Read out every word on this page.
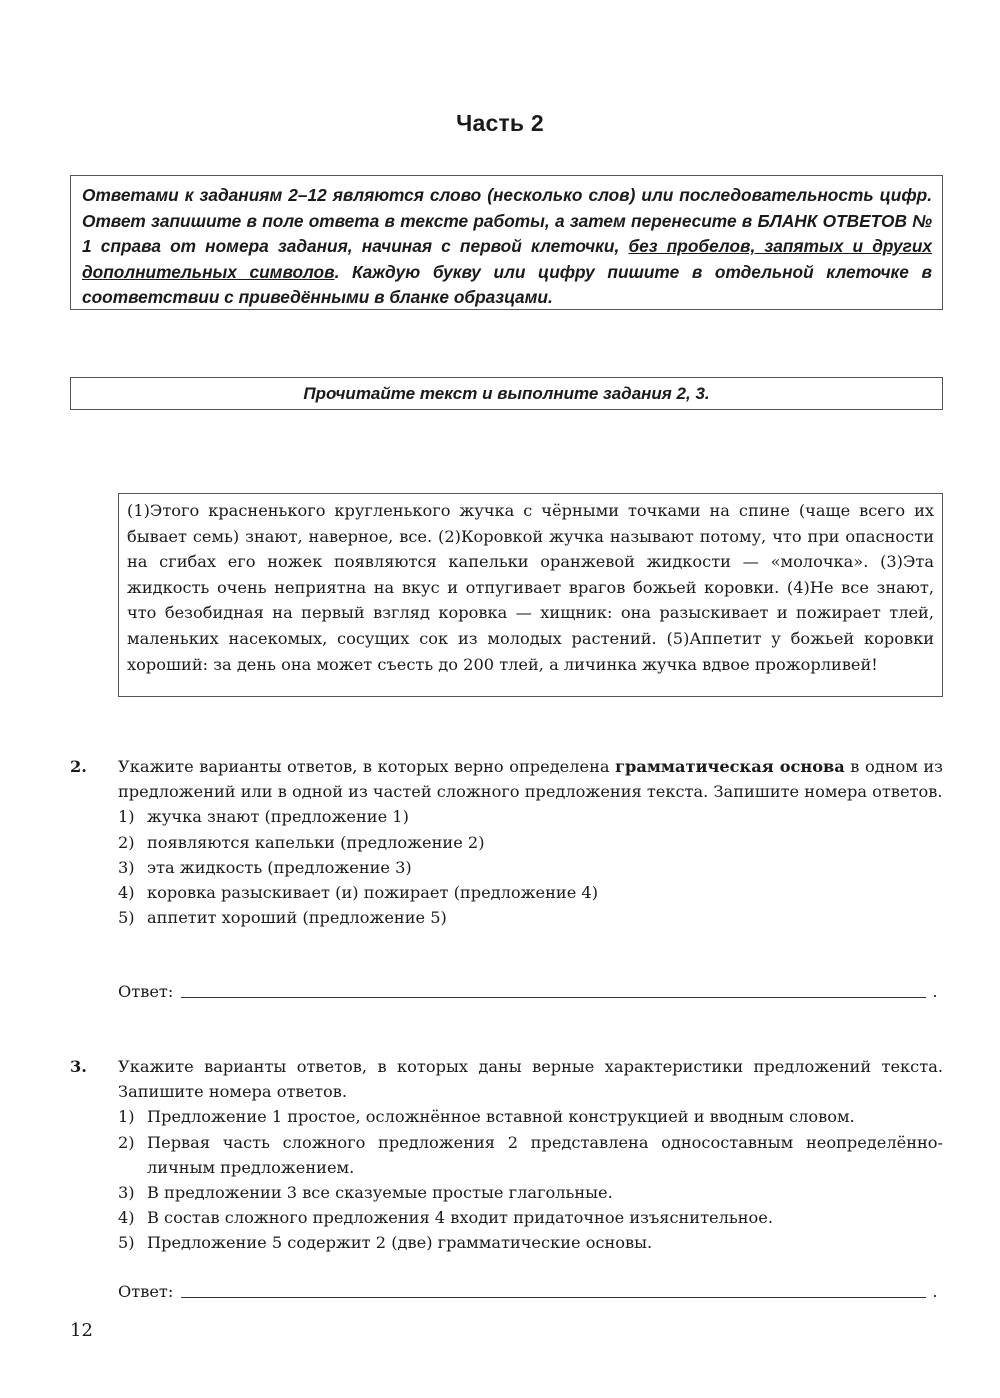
Часть 2
Ответами к заданиям 2–12 являются слово (несколько слов) или последовательность цифр. Ответ запишите в поле ответа в тексте работы, а затем перенесите в БЛАНК ОТВЕТОВ № 1 справа от номера задания, начиная с первой клеточки, без пробелов, запятых и других дополнительных символов. Каждую букву или цифру пишите в отдельной клеточке в соответствии с приведёнными в бланке образцами.
Прочитайте текст и выполните задания 2, 3.
(1)Этого красненького кругленького жучка с чёрными точками на спине (чаще всего их бывает семь) знают, наверное, все. (2)Коровкой жучка называют потому, что при опасности на сгибах его ножек появляются капельки оранжевой жидкости — «молочка». (3)Эта жидкость очень неприятна на вкус и отпугивает врагов божьей коровки. (4)Не все знают, что безобидная на первый взгляд коровка — хищник: она разыскивает и пожирает тлей, маленьких насекомых, сосущих сок из молодых растений. (5)Аппетит у божьей коровки хороший: за день она может съесть до 200 тлей, а личинка жучка вдвое прожорливей!
2. Укажите варианты ответов, в которых верно определена грамматическая основа в одном из предложений или в одной из частей сложного предложения текста. Запишите номера ответов.
1) жучка знают (предложение 1)
2) появляются капельки (предложение 2)
3) эта жидкость (предложение 3)
4) коровка разыскивает (и) пожирает (предложение 4)
5) аппетит хороший (предложение 5)
Ответ:	.
3. Укажите варианты ответов, в которых даны верные характеристики предложений текста. Запишите номера ответов.
1) Предложение 1 простое, осложнённое вставной конструкцией и вводным словом.
2) Первая часть сложного предложения 2 представлена односоставным неопределённо-личным предложением.
3) В предложении 3 все сказуемые простые глагольные.
4) В состав сложного предложения 4 входит придаточное изъяснительное.
5) Предложение 5 содержит 2 (две) грамматические основы.
Ответ:	.
12
